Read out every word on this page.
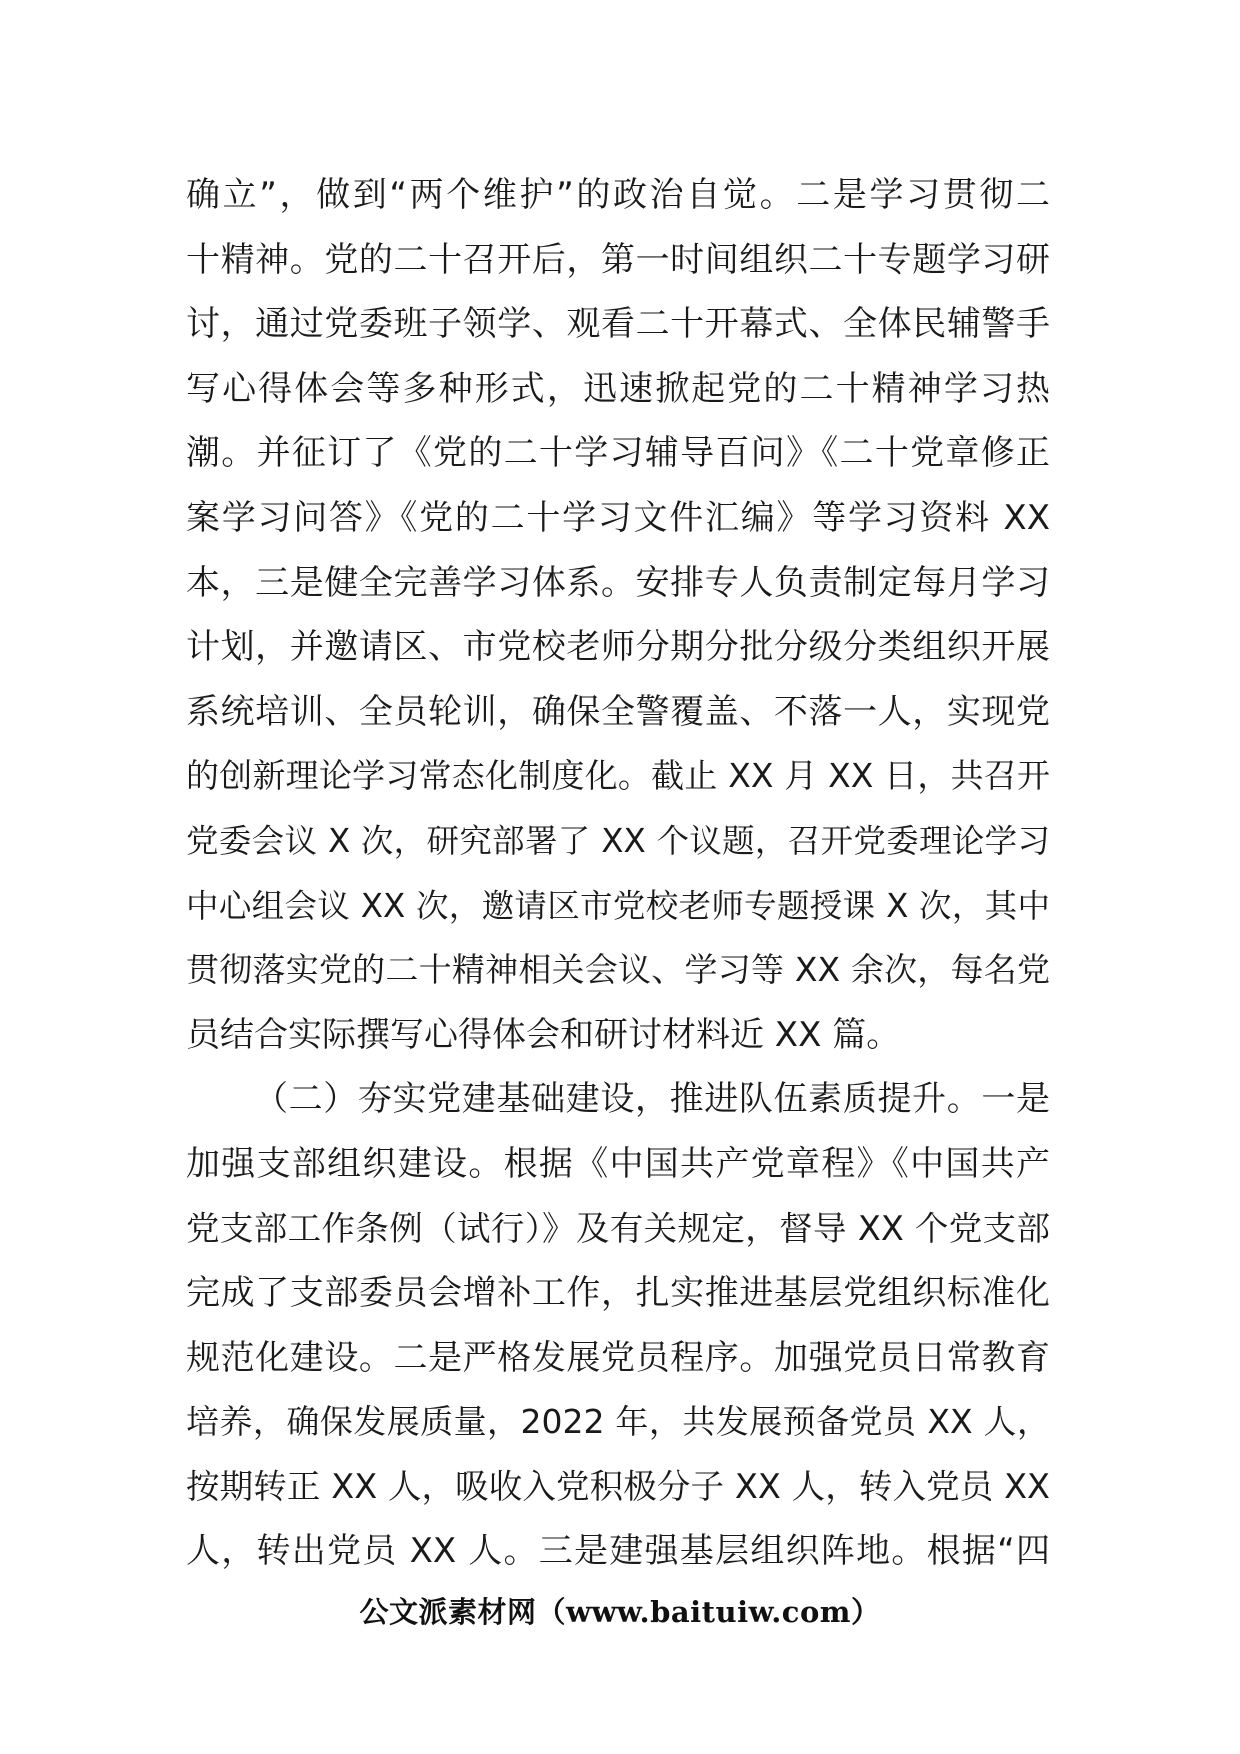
确立”，做到“两个维护”的政治自觉。二是学习贯彻二
十精神。党的二十召开后，第一时间组织二十专题学习研
讨，通过党委班子领学、观看二十开幕式、全体民辅警手
写心得体会等多种形式，迅速掀起党的二十精神学习热
潮。并征订了《党的二十学习辅导百问》《二十党章修正
案学习问答》《党的二十学习文件汇编》等学习资料 XX
本，三是健全完善学习体系。安排专人负责制定每月学习
计划，并邀请区、市党校老师分期分批分级分类组织开展
系统培训、全员轮训，确保全警覆盖、不落一人，实现党
的创新理论学习常态化制度化。截止 XX 月 XX 日，共召开
党委会议 X 次，研究部署了 XX 个议题，召开党委理论学习
中心组会议 XX 次，邀请区市党校老师专题授课 X 次，其中
贯彻落实党的二十精神相关会议、学习等 XX 余次，每名党
员结合实际撰写心得体会和研讨材料近 XX 篇。
（二）夯实党建基础建设，推进队伍素质提升。一是
加强支部组织建设。根据《中国共产党章程》《中国共产
党支部工作条例（试行）》及有关规定，督导 XX 个党支部
完成了支部委员会增补工作，扎实推进基层党组织标准化
规范化建设。二是严格发展党员程序。加强党员日常教育
培养，确保发展质量，2022 年，共发展预备党员 XX 人，
按期转正 XX 人，吸收入党积极分子 XX 人，转入党员 XX
人，转出党员 XX 人。三是建强基层组织阵地。根据“四
公文派素材网（www.baituiw.com）
